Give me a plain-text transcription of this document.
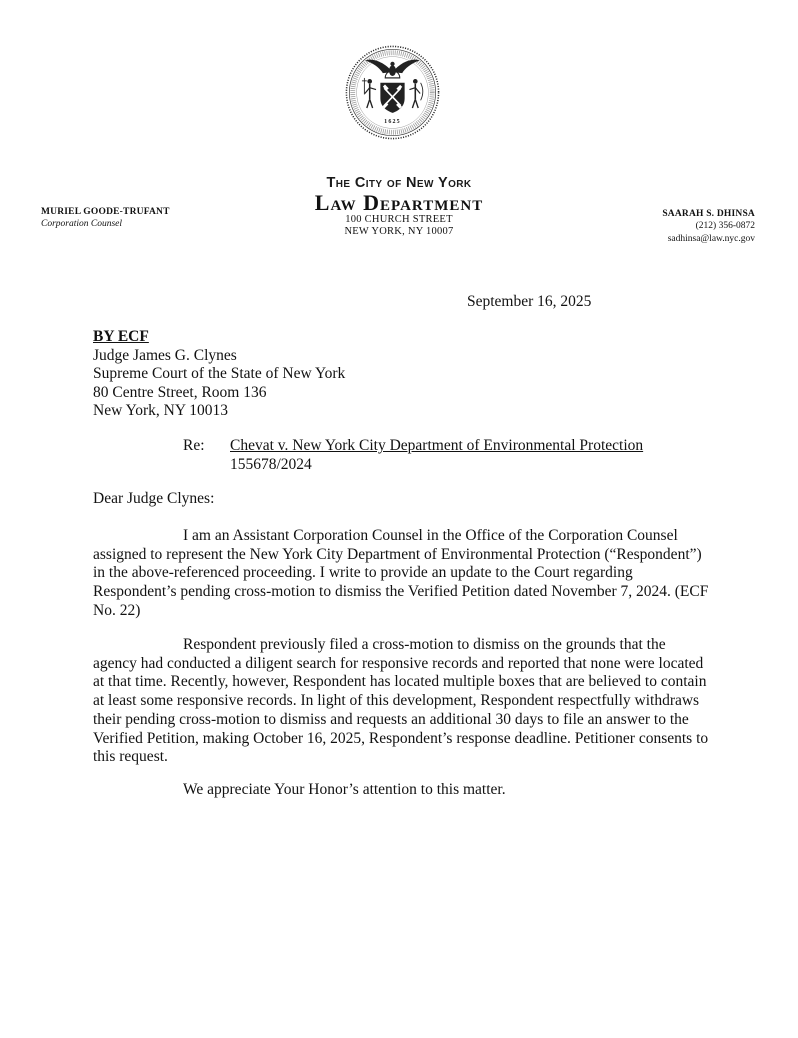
1625
The City of New York
Law Department
100 CHURCH STREET
NEW YORK, NY 10007
MURIEL GOODE-TRUFANT
Corporation Counsel
SAARAH S. DHINSA
(212) 356-0872
sadhinsa@law.nyc.gov
September 16, 2025
BY ECF
Judge James G. Clynes
Supreme Court of the State of New York
80 Centre Street, Room 136
New York, NY 10013
Re:	Chevat v. New York City Department of Environmental Protection
155678/2024
Dear Judge Clynes:

I am an Assistant Corporation Counsel in the Office of the Corporation Counsel assigned to represent the New York City Department of Environmental Protection (“Respondent”) in the above-referenced proceeding. I write to provide an update to the Court regarding Respondent’s pending cross-motion to dismiss the Verified Petition dated November 7, 2024. (ECF No. 22)

Respondent previously filed a cross-motion to dismiss on the grounds that the agency had conducted a diligent search for responsive records and reported that none were located at that time. Recently, however, Respondent has located multiple boxes that are believed to contain at least some responsive records. In light of this development, Respondent respectfully withdraws their pending cross-motion to dismiss and requests an additional 30 days to file an answer to the Verified Petition, making October 16, 2025, Respondent’s response deadline. Petitioner consents to this request.

We appreciate Your Honor’s attention to this matter.
